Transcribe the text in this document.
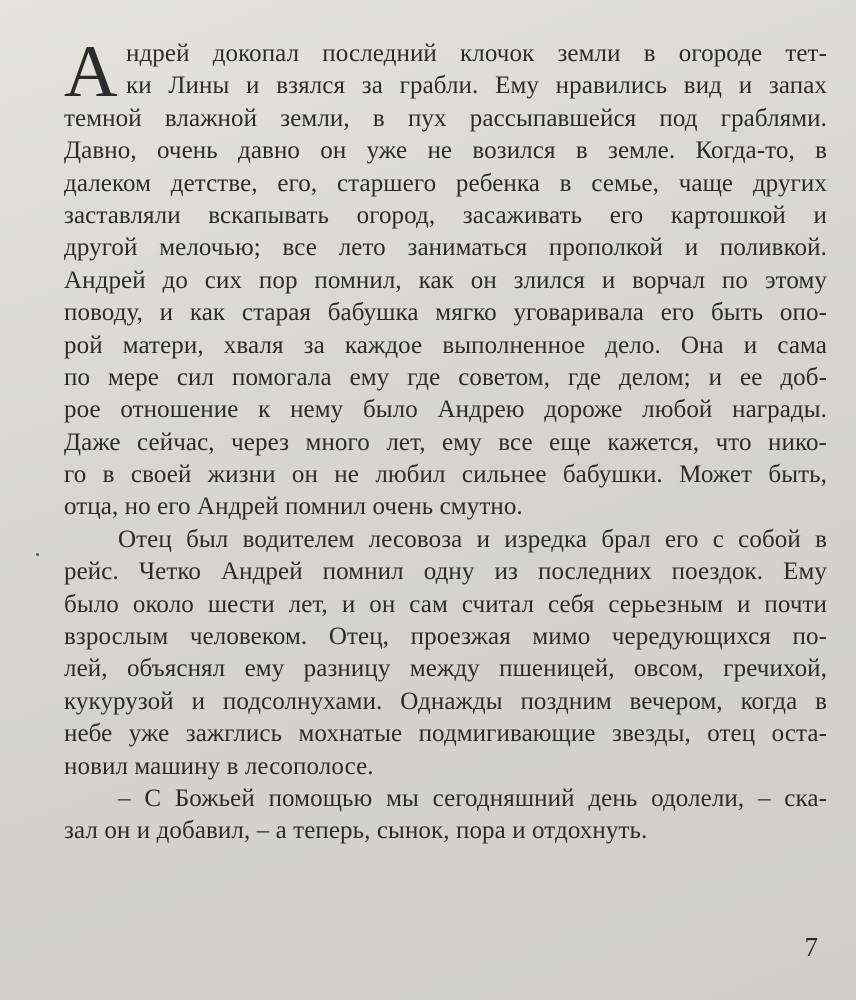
А ндрей докопал последний клочок земли в огороде тет-
ки Лины и взялся за грабли. Ему нравились вид и запах
темной влажной земли, в пух рассыпавшейся под граблями.
Давно, очень давно он уже не возился в земле. Когда-то, в
далеком детстве, его, старшего ребенка в семье, чаще других
заставляли вскапывать огород, засаживать его картошкой и
другой мелочью; все лето заниматься прополкой и поливкой.
Андрей до сих пор помнил, как он злился и ворчал по этому
поводу, и как старая бабушка мягко уговаривала его быть опо-
рой матери, хваля за каждое выполненное дело. Она и сама
по мере сил помогала ему где советом, где делом; и ее доб-
рое отношение к нему было Андрею дороже любой награды.
Даже сейчас, через много лет, ему все еще кажется, что нико-
го в своей жизни он не любил сильнее бабушки. Может быть,
отца, но его Андрей помнил очень смутно.
Отец был водителем лесовоза и изредка брал его с собой в
рейс. Четко Андрей помнил одну из последних поездок. Ему
было около шести лет, и он сам считал себя серьезным и почти
взрослым человеком. Отец, проезжая мимо чередующихся по-
лей, объяснял ему разницу между пшеницей, овсом, гречихой,
кукурузой и подсолнухами. Однажды поздним вечером, когда в
небе уже зажглись мохнатые подмигивающие звезды, отец оста-
новил машину в лесополосе.
– С Божьей помощью мы сегодняшний день одолели, – ска-
зал он и добавил, – а теперь, сынок, пора и отдохнуть.
7
